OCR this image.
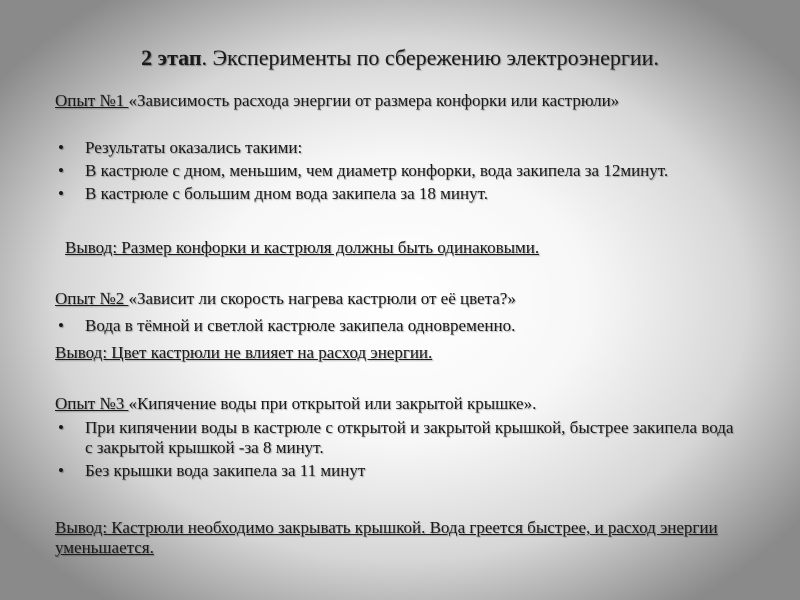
2 этап. Эксперименты по сбережению электроэнергии.
Опыт №1 «Зависимость расхода энергии от размера конфорки или кастрюли»
• Результаты оказались такими:
• В кастрюле с дном, меньшим, чем диаметр конфорки, вода закипела за 12минут.
• В кастрюле с большим дном вода закипела за 18 минут.
Вывод: Размер конфорки и кастрюля должны быть одинаковыми.
Опыт №2 «Зависит ли скорость нагрева кастрюли от её цвета?»
• Вода в тёмной и светлой кастрюле закипела одновременно.
Вывод: Цвет кастрюли не влияет на расход энергии.
Опыт №3 «Кипячение воды при открытой или закрытой крышке».
• При кипячении воды в кастрюле с открытой и закрытой крышкой, быстрее закипела вода с закрытой крышкой -за 8 минут.
• Без крышки вода закипела за 11 минут
Вывод: Кастрюли необходимо закрывать крышкой. Вода греется быстрее, и расход энергии уменьшается.
